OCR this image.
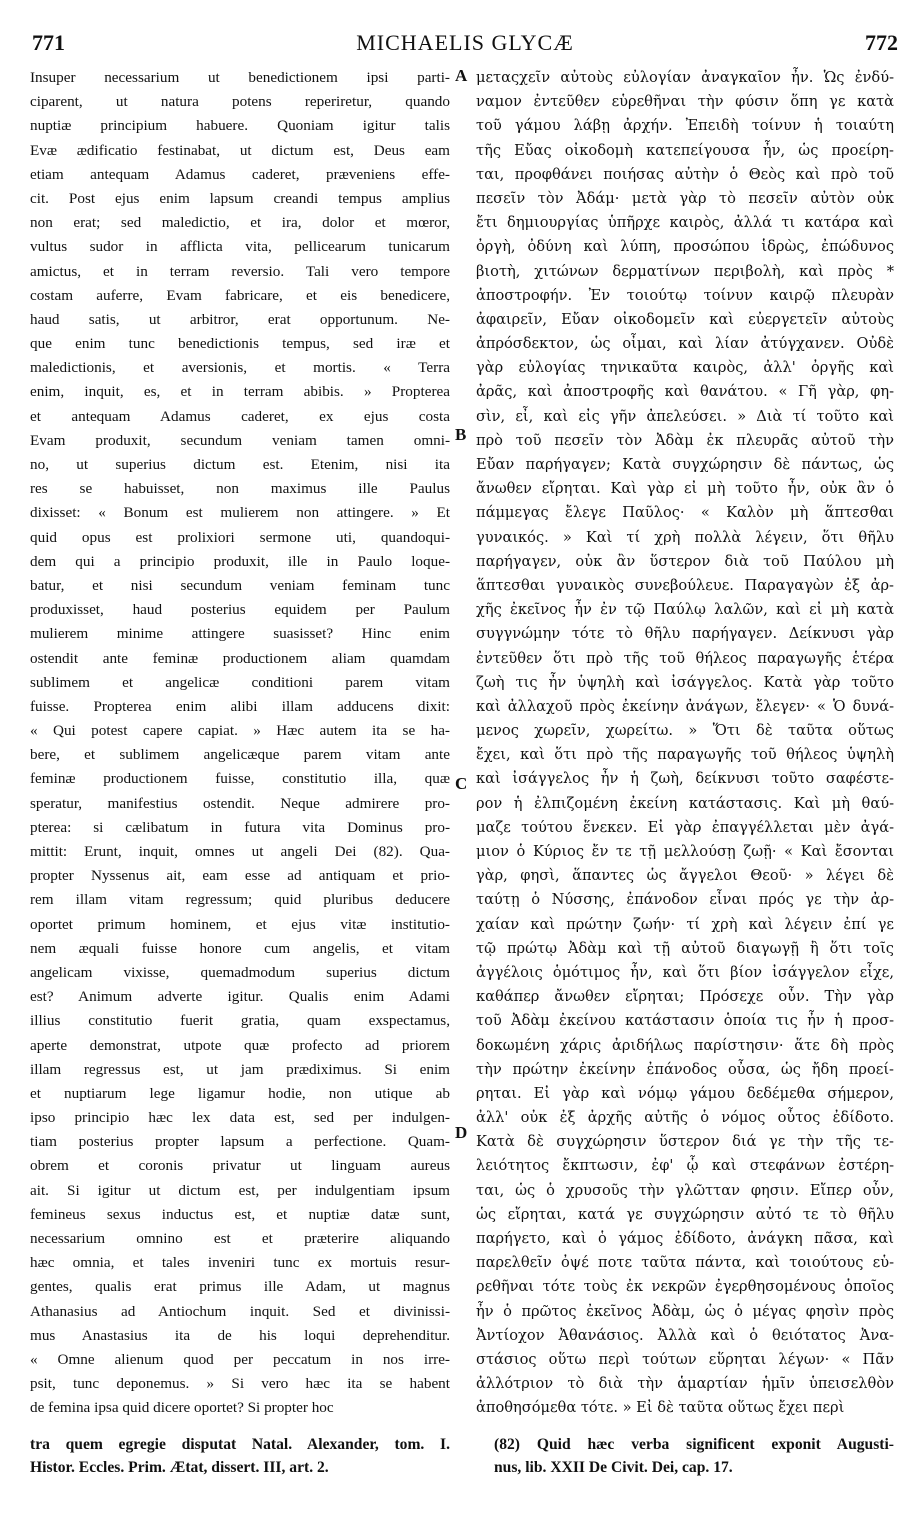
771	MICHAELIS GLYCÆ	772
Insuper necessarium ut benedictionem ipsi parti-
ciparent, ut natura potens reperiretur, quando
nuptiæ principium habuere. Quoniam igitur talis
Evæ ædificatio festinabat, ut dictum est, Deus eam
etiam antequam Adamus caderet, præveniens effe-
cit. Post ejus enim lapsum creandi tempus amplius
non erat; sed maledictio, et ira, dolor et mœror,
vultus sudor in afflicta vita, pellicearum tunicarum
amictus, et in terram reversio. Tali vero tempore
costam auferre, Evam fabricare, et eis benedicere,
haud satis, ut arbitror, erat opportunum. Ne-
que enim tunc benedictionis tempus, sed iræ et
maledictionis, et aversionis, et mortis. « Terra
enim, inquit, es, et in terram abibis. » Propterea
et antequam Adamus caderet, ex ejus costa
Evam produxit, secundum veniam tamen omni-
no, ut superius dictum est. Etenim, nisi ita
res se habuisset, non maximus ille Paulus
dixisset: « Bonum est mulierem non attingere. » Et
quid opus est prolixiori sermone uti, quandoqui-
dem qui a principio produxit, ille in Paulo loque-
batur, et nisi secundum veniam feminam tunc
produxisset, haud posterius equidem per Paulum
mulierem minime attingere suasisset? Hinc enim
ostendit ante feminæ productionem aliam quamdam
sublimem et angelicæ conditioni parem vitam
fuisse. Propterea enim alibi illam adducens dixit:
« Qui potest capere capiat. » Hæc autem ita se ha-
bere, et sublimem angelicæque parem vitam ante
feminæ productionem fuisse, constitutio illa, quæ
speratur, manifestius ostendit. Neque admirere pro-
pterea: si cælibatum in futura vita Dominus pro-
mittit: Erunt, inquit, omnes ut angeli Dei (82). Qua-
propter Nyssenus ait, eam esse ad antiquam et prio-
rem illam vitam regressum; quid pluribus deducere
oportet primum hominem, et ejus vitæ institutio-
nem æquali fuisse honore cum angelis, et vitam
angelicam vixisse, quemadmodum superius dictum
est? Animum adverte igitur. Qualis enim Adami
illius constitutio fuerit gratia, quam exspectamus,
aperte demonstrat, utpote quæ profecto ad priorem
illam regressus est, ut jam prædiximus. Si enim
et nuptiarum lege ligamur hodie, non utique ab
ipso principio hæc lex data est, sed per indulgen-
tiam posterius propter lapsum a perfectione. Quam-
obrem et coronis privatur ut linguam aureus
ait. Si igitur ut dictum est, per indulgentiam ipsum
femineus sexus inductus est, et nuptiæ datæ sunt,
necessarium omnino est et præterire aliquando
hæc omnia, et tales inveniri tunc ex mortuis resur-
gentes, qualis erat primus ille Adam, ut magnus
Athanasius ad Antiochum inquit. Sed et divinissi-
mus Anastasius ita de his loqui deprehenditur.
« Omne alienum quod per peccatum in nos irre-
psit, tunc deponemus. » Si vero hæc ita se habent
de femina ipsa quid dicere oportet? Si propter hoc
μεταςχεῖν αὐτοὺς εὐλογίαν ἀναγκαῖον ἦν. Ὡς ἐνδύ-
ναμον ἐντεῦθεν εὑρεθῆναι τὴν φύσιν ὅπη γε κατὰ
τοῦ γάμου λάβῃ ἀρχήν. Ἐπειδὴ τοίνυν ἡ τοιαύτη
τῆς Εὔας οἰκοδομὴ κατεπείγουσα ἦν, ὡς προείρη-
ται, προφθάνει ποιήσας αὐτὴν ὁ Θεὸς καὶ πρὸ τοῦ
πεσεῖν τὸν Ἀδάμ· μετὰ γὰρ τὸ πεσεῖν αὐτὸν οὐκ
ἔτι δημιουργίας ὑπῆρχε καιρὸς, ἀλλά τι κατάρα καὶ
ὀργὴ, ὀδύνη καὶ λύπη, προσώπου ἱδρὼς, ἐπώδυνος
βιοτὴ, χιτώνων δερματίνων περιβολὴ, καὶ πρὸς *
ἀποστροφήν. Ἐν τοιούτῳ τοίνυν καιρῷ πλευρὰν
ἀφαιρεῖν, Εὔαν οἰκοδομεῖν καὶ εὐεργετεῖν αὐτοὺς
ἀπρόσδεκτον, ὡς οἶμαι, καὶ λίαν ἀτύγχανεν. Οὐδὲ
γὰρ εὐλογίας τηνικαῦτα καιρὸς, ἀλλ' ὀργῆς καὶ
ἀρᾶς, καὶ ἀποστροφῆς καὶ θανάτου. « Γῆ γὰρ, φη-
σὶν, εἶ, καὶ εἰς γῆν ἀπελεύσει. » Διὰ τί τοῦτο καὶ
πρὸ τοῦ πεσεῖν τὸν Ἀδὰμ ἐκ πλευρᾶς αὐτοῦ τὴν
Εὔαν παρήγαγεν; Κατὰ συγχώρησιν δὲ πάντως, ὡς
ἄνωθεν εἴρηται. Καὶ γὰρ εἰ μὴ τοῦτο ἦν, οὐκ ἂν ὁ
πάμμεγας ἔλεγε Παῦλος· « Καλὸν μὴ ἅπτεσθαι
γυναικός. » Καὶ τί χρὴ πολλὰ λέγειν, ὅτι θῆλυ
παρήγαγεν, οὐκ ἂν ὕστερον διὰ τοῦ Παύλου μὴ
ἅπτεσθαι γυναικὸς συνεβούλευε. Παραγαγὼν ἐξ ἀρ-
χῆς ἐκεῖνος ἦν ἐν τῷ Παύλῳ λαλῶν, καὶ εἰ μὴ κατὰ
συγγνώμην τότε τὸ θῆλυ παρήγαγεν. Δείκνυσι γὰρ
ἐντεῦθεν ὅτι πρὸ τῆς τοῦ θήλεος παραγωγῆς ἑτέρα
ζωὴ τις ἦν ὑψηλὴ καὶ ἰσάγγελος. Κατὰ γὰρ τοῦτο
καὶ ἀλλαχοῦ πρὸς ἐκείνην ἀνάγων, ἔλεγεν· « Ὁ δυνά-
μενος χωρεῖν, χωρείτω. » Ὅτι δὲ ταῦτα οὕτως
ἔχει, καὶ ὅτι πρὸ τῆς παραγωγῆς τοῦ θήλεος ὑψηλὴ
καὶ ἰσάγγελος ἦν ἡ ζωὴ, δείκνυσι τοῦτο σαφέστε-
ρον ἡ ἐλπιζομένη ἐκείνη κατάστασις. Καὶ μὴ θαύ-
μαζε τούτου ἕνεκεν. Εἰ γὰρ ἐπαγγέλλεται μὲν ἀγά-
μιον ὁ Κύριος ἔν τε τῇ μελλούσῃ ζωῇ· « Καὶ ἔσονται
γὰρ, φησὶ, ἅπαντες ὡς ἄγγελοι Θεοῦ· » λέγει δὲ
ταύτῃ ὁ Νύσσης, ἐπάνοδον εἶναι πρός γε τὴν ἀρ-
χαίαν καὶ πρώτην ζωήν· τί χρὴ καὶ λέγειν ἐπί γε
τῷ πρώτῳ Ἀδὰμ καὶ τῇ αὐτοῦ διαγωγῇ ἢ ὅτι τοῖς
ἀγγέλοις ὁμότιμος ἦν, καὶ ὅτι βίον ἰσάγγελον εἶχε,
καθάπερ ἄνωθεν εἴρηται; Πρόσεχε οὖν. Τὴν γὰρ
τοῦ Ἀδὰμ ἐκείνου κατάστασιν ὁποία τις ἦν ἡ προσ-
δοκωμένη χάρις ἀριδήλως παρίστησιν· ἅτε δὴ πρὸς
τὴν πρώτην ἐκείνην ἐπάνοδος οὖσα, ὡς ἤδη προεί-
ρηται. Εἰ γὰρ καὶ νόμῳ γάμου δεδέμεθα σήμερον,
ἀλλ' οὐκ ἐξ ἀρχῆς αὐτῆς ὁ νόμος οὗτος ἐδίδοτο.
Κατὰ δὲ συγχώρησιν ὕστερον διά γε τὴν τῆς τε-
λειότητος ἔκπτωσιν, ἐφ' ᾧ καὶ στεφάνων ἐστέρη-
ται, ὡς ὁ χρυσοῦς τὴν γλῶτταν φησιν. Εἴπερ οὖν,
ὡς εἴρηται, κατά γε συγχώρησιν αὐτό τε τὸ θῆλυ
παρήγετο, καὶ ὁ γάμος ἐδίδοτο, ἀνάγκη πᾶσα, καὶ
παρελθεῖν ὀψέ ποτε ταῦτα πάντα, καὶ τοιούτους εὑ-
ρεθῆναι τότε τοὺς ἐκ νεκρῶν ἐγερθησομένους ὁποῖος
ἦν ὁ πρῶτος ἐκεῖνος Ἀδὰμ, ὡς ὁ μέγας φησὶν πρὸς
Ἀντίοχον Ἀθανάσιος. Ἀλλὰ καὶ ὁ θειότατος Ἀνα-
στάσιος οὕτω περὶ τούτων εὕρηται λέγων· « Πᾶν
ἀλλότριον τὸ διὰ τὴν ἁμαρτίαν ἡμῖν ὑπεισελθὸν
ἀποθησόμεθα τότε. » Εἰ δὲ ταῦτα οὕτως ἔχει περὶ
A
B
C
D
tra quem egregie disputat Natal. Alexander, tom. I.
Histor. Eccles. Prim. Ætat, dissert. III, art. 2.
(82) Quid hæc verba significent exponit Augusti-
nus, lib. XXII De Civit. Dei, cap. 17.
